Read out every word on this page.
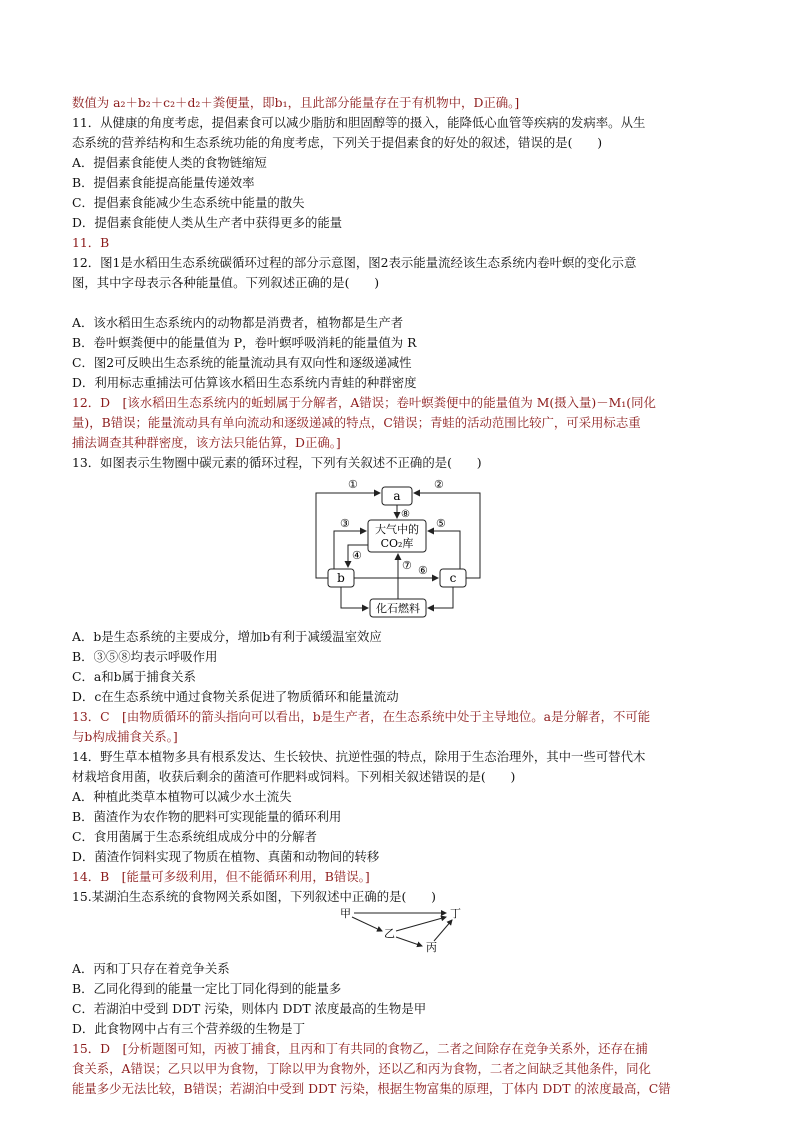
数值为 a₂＋b₂＋c₂＋d₂＋粪便量，即b₁，且此部分能量存在于有机物中，D正确。]
11．从健康的角度考虑，提倡素食可以减少脂肪和胆固醇等的摄入，能降低心血管等疾病的发病率。从生
态系统的营养结构和生态系统功能的角度考虑，下列关于提倡素食的好处的叙述，错误的是(　　)
A．提倡素食能使人类的食物链缩短
B．提倡素食能提高能量传递效率
C．提倡素食能减少生态系统中能量的散失
D．提倡素食能使人类从生产者中获得更多的能量
11．B
12．图1是水稻田生态系统碳循环过程的部分示意图，图2表示能量流经该生态系统内卷叶螟的变化示意
图，其中字母表示各种能量值。下列叙述正确的是(　　)
A．该水稻田生态系统内的动物都是消费者，植物都是生产者
B．卷叶螟粪便中的能量值为 P，卷叶螟呼吸消耗的能量值为 R
C．图2可反映出生态系统的能量流动具有双向性和逐级递减性
D．利用标志重捕法可估算该水稻田生态系统内青蛙的种群密度
12．D　[该水稻田生态系统内的蚯蚓属于分解者，A错误；卷叶螟粪便中的能量值为 M(摄入量)－M₁(同化
量)，B错误；能量流动具有单向流动和逐级递减的特点，C错误；青蛙的活动范围比较广，可采用标志重
捕法调查其种群密度，该方法只能估算，D正确。]
13．如图表示生物圈中碳元素的循环过程，下列有关叙述不正确的是(　　)
a
大气中的
CO₂库
b	c
化石燃料
①	②
⑧
③
④
⑤
⑥
⑦
A．b是生态系统的主要成分，增加b有利于减缓温室效应
B．③⑤⑧均表示呼吸作用
C．a和b属于捕食关系
D．c在生态系统中通过食物关系促进了物质循环和能量流动
13．C　[由物质循环的箭头指向可以看出，b是生产者，在生态系统中处于主导地位。a是分解者，不可能
与b构成捕食关系。]
14．野生草本植物多具有根系发达、生长较快、抗逆性强的特点，除用于生态治理外，其中一些可替代木
材栽培食用菌，收获后剩余的菌渣可作肥料或饲料。下列相关叙述错误的是(　　)
A．种植此类草本植物可以减少水土流失
B．菌渣作为农作物的肥料可实现能量的循环利用
C．食用菌属于生态系统组成成分中的分解者
D．菌渣作饲料实现了物质在植物、真菌和动物间的转移
14．B　[能量可多级利用，但不能循环利用，B错误。]
15.某湖泊生态系统的食物网关系如图，下列叙述中正确的是(　　)
甲	丁
乙
丙
A．丙和丁只存在着竞争关系
B．乙同化得到的能量一定比丁同化得到的能量多
C．若湖泊中受到 DDT 污染，则体内 DDT 浓度最高的生物是甲
D．此食物网中占有三个营养级的生物是丁
15．D　[分析题图可知，丙被丁捕食，且丙和丁有共同的食物乙，二者之间除存在竞争关系外，还存在捕
食关系，A错误；乙只以甲为食物，丁除以甲为食物外，还以乙和丙为食物，二者之间缺乏其他条件，同化
能量多少无法比较，B错误；若湖泊中受到 DDT 污染，根据生物富集的原理，丁体内 DDT 的浓度最高，C错
